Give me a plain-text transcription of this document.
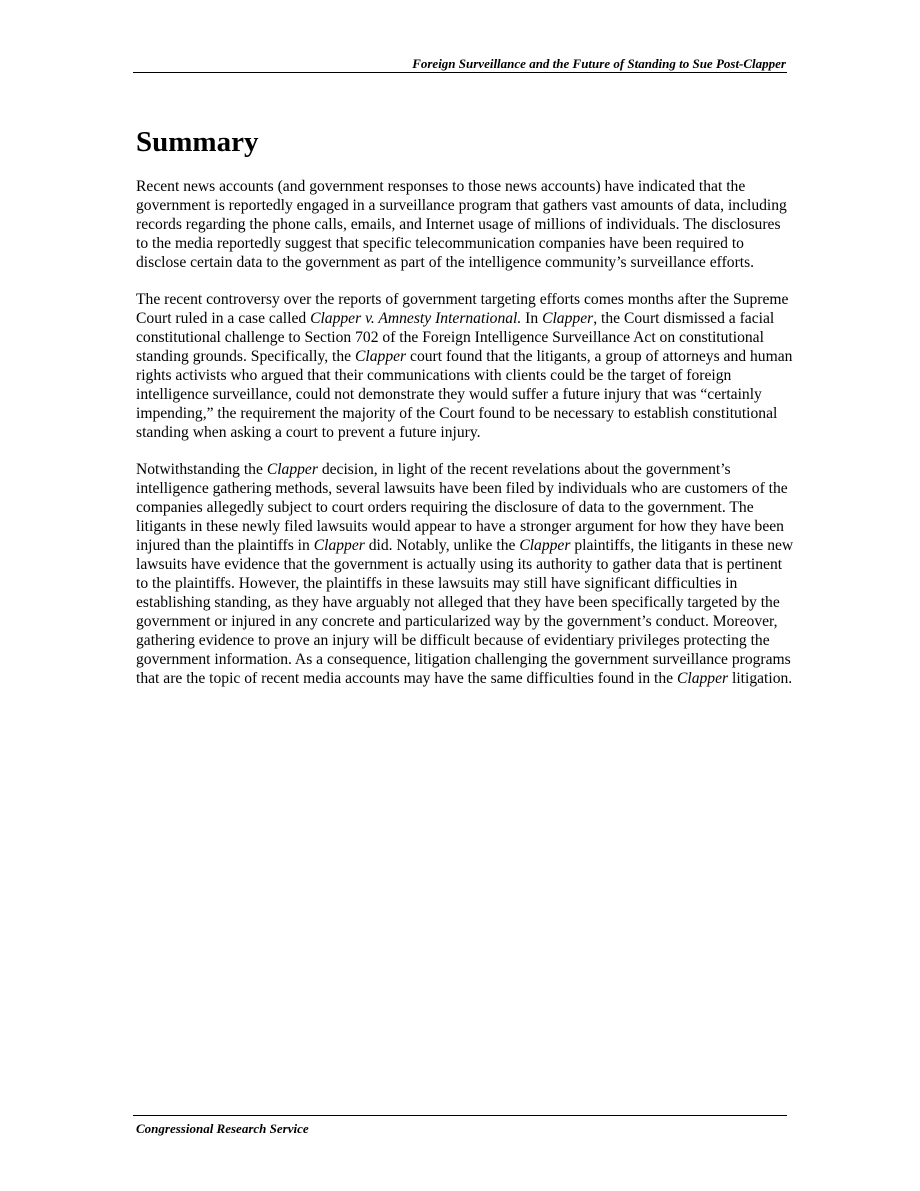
Foreign Surveillance and the Future of Standing to Sue Post-Clapper
Summary

Recent news accounts (and government responses to those news accounts) have indicated that the government is reportedly engaged in a surveillance program that gathers vast amounts of data, including records regarding the phone calls, emails, and Internet usage of millions of individuals. The disclosures to the media reportedly suggest that specific telecommunication companies have been required to disclose certain data to the government as part of the intelligence community’s surveillance efforts.

The recent controversy over the reports of government targeting efforts comes months after the Supreme Court ruled in a case called Clapper v. Amnesty International. In Clapper, the Court dismissed a facial constitutional challenge to Section 702 of the Foreign Intelligence Surveillance Act on constitutional standing grounds. Specifically, the Clapper court found that the litigants, a group of attorneys and human rights activists who argued that their communications with clients could be the target of foreign intelligence surveillance, could not demonstrate they would suffer a future injury that was “certainly impending,” the requirement the majority of the Court found to be necessary to establish constitutional standing when asking a court to prevent a future injury.

Notwithstanding the Clapper decision, in light of the recent revelations about the government’s intelligence gathering methods, several lawsuits have been filed by individuals who are customers of the companies allegedly subject to court orders requiring the disclosure of data to the government. The litigants in these newly filed lawsuits would appear to have a stronger argument for how they have been injured than the plaintiffs in Clapper did. Notably, unlike the Clapper plaintiffs, the litigants in these new lawsuits have evidence that the government is actually using its authority to gather data that is pertinent to the plaintiffs. However, the plaintiffs in these lawsuits may still have significant difficulties in establishing standing, as they have arguably not alleged that they have been specifically targeted by the government or injured in any concrete and particularized way by the government’s conduct. Moreover, gathering evidence to prove an injury will be difficult because of evidentiary privileges protecting the government information. As a consequence, litigation challenging the government surveillance programs that are the topic of recent media accounts may have the same difficulties found in the Clapper litigation.

Congressional Research Service
